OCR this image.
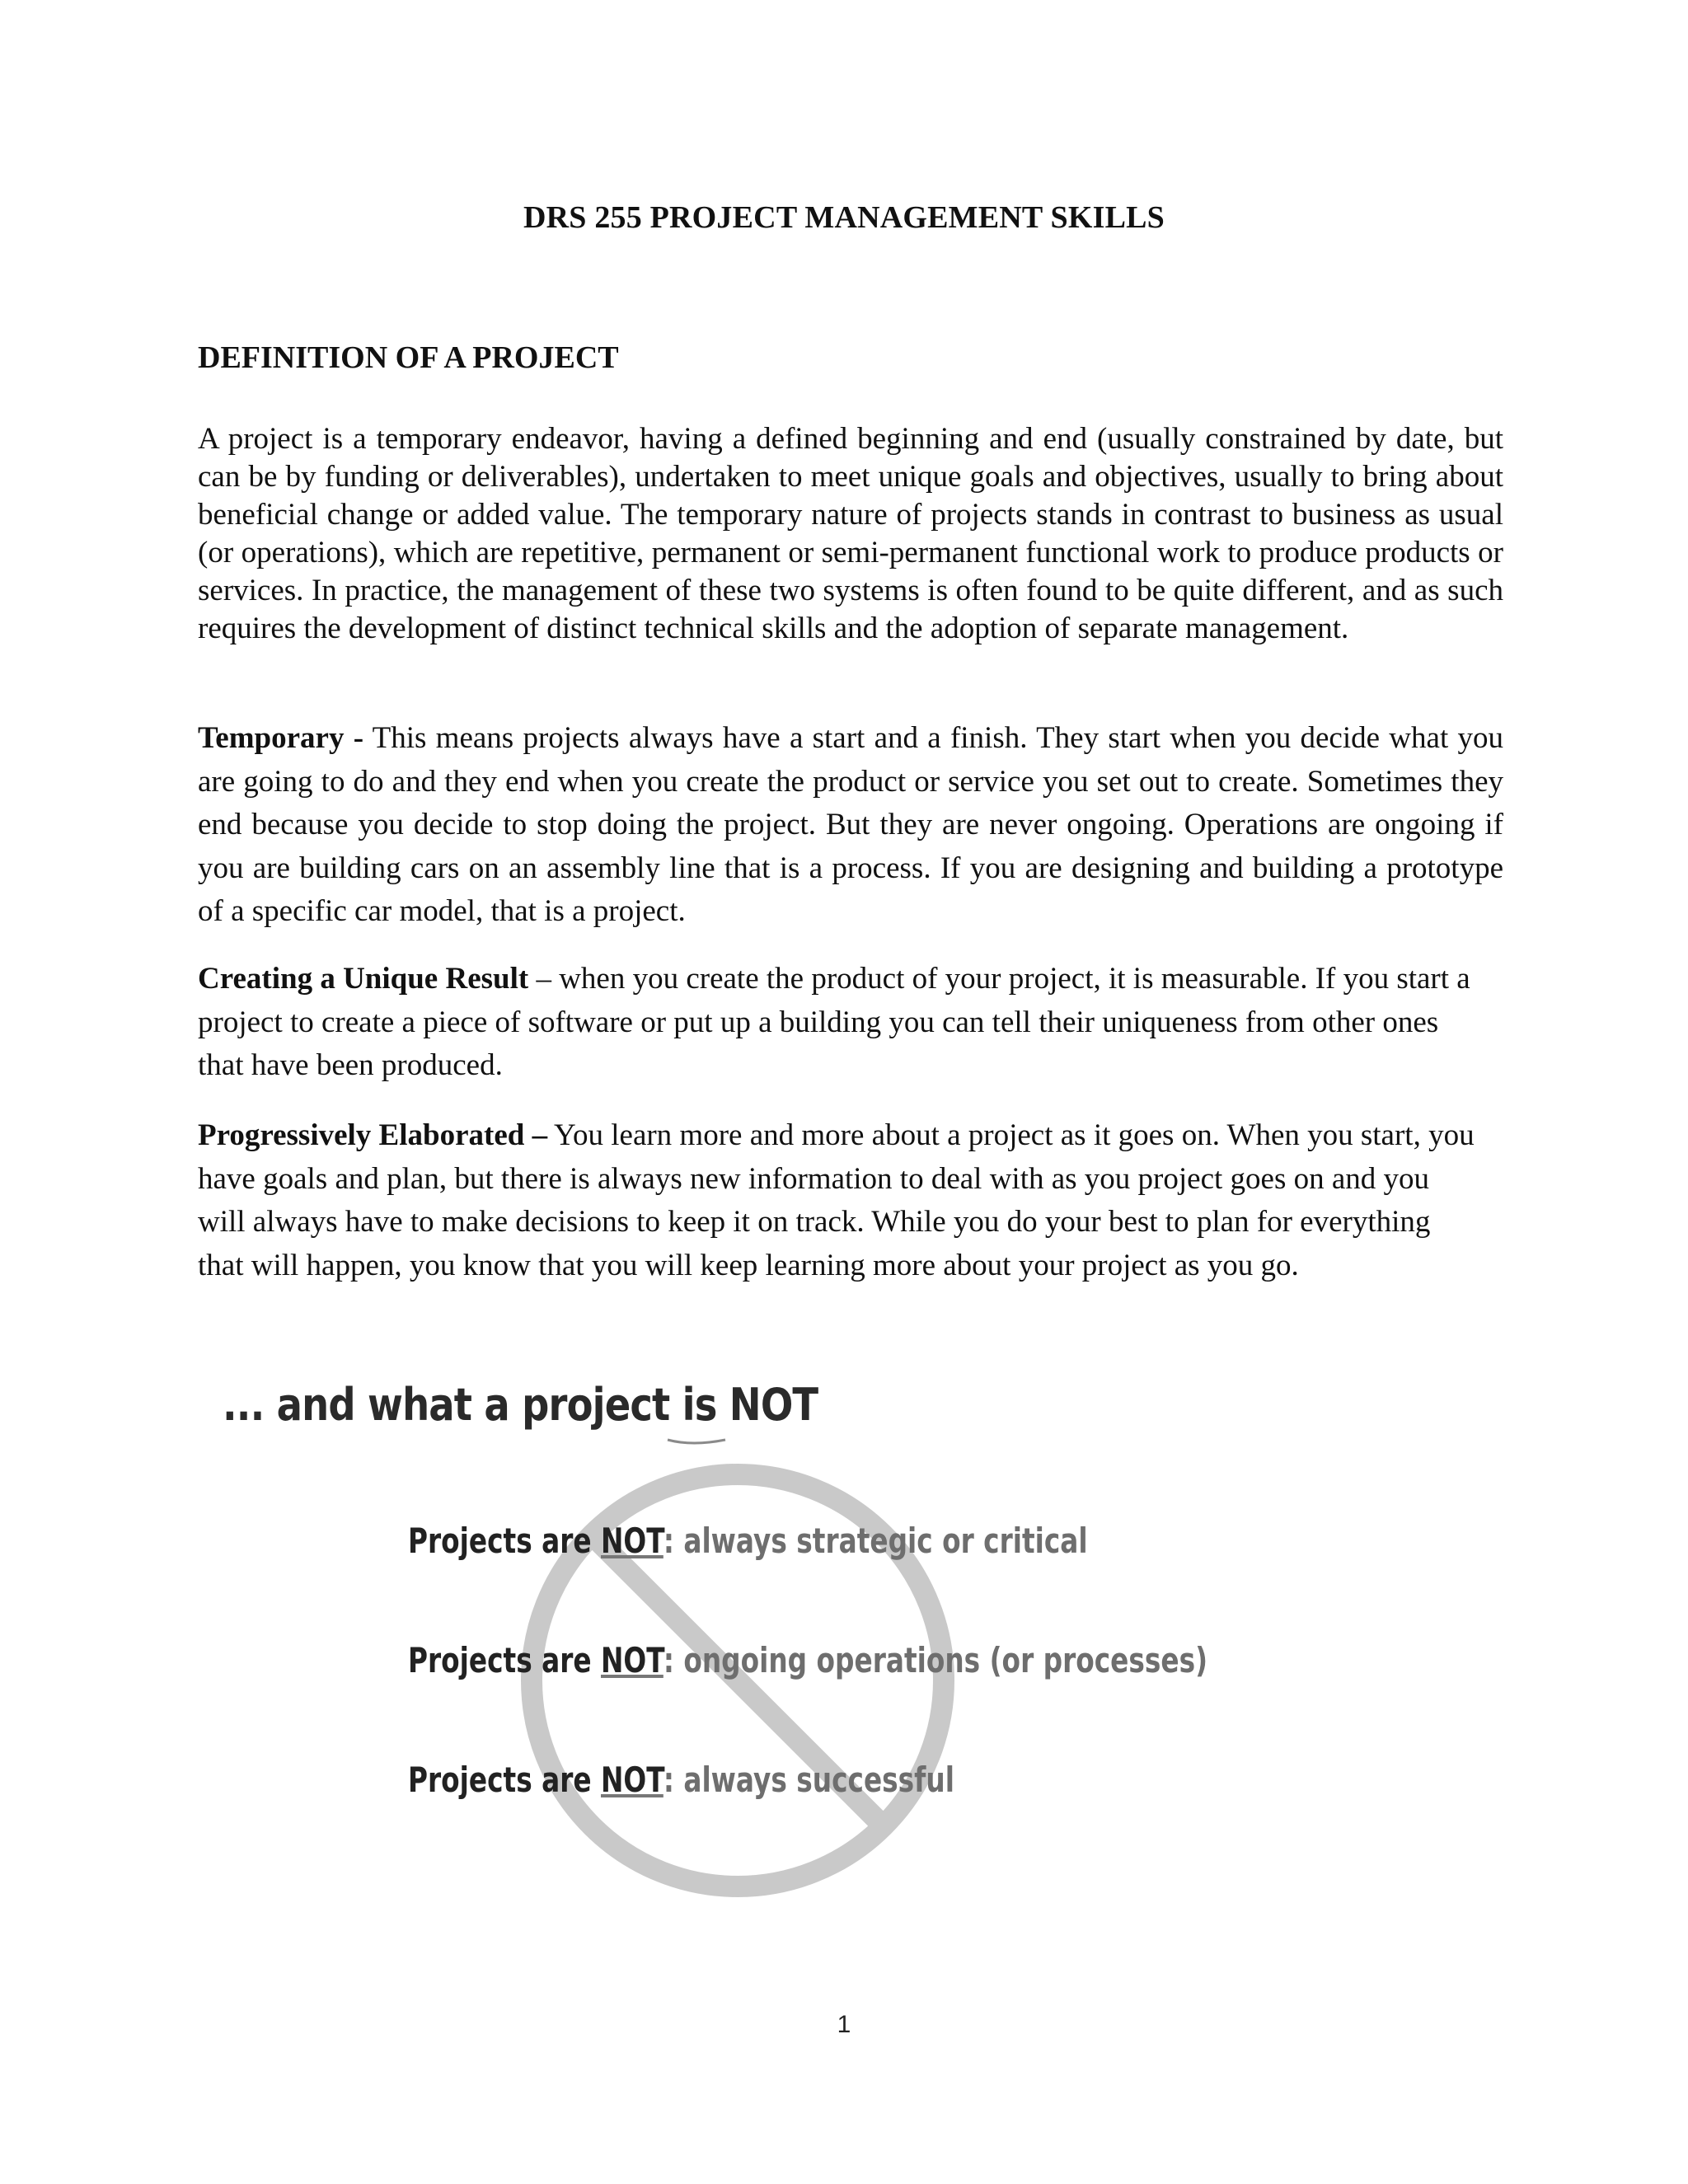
DRS 255 PROJECT MANAGEMENT SKILLS
DEFINITION OF A PROJECT

A project is a temporary endeavor, having a defined beginning and end (usually constrained by date, but can be by funding or deliverables), undertaken to meet unique goals and objectives, usually to bring about beneficial change or added value. The temporary nature of projects stands in contrast to business as usual (or operations), which are repetitive, permanent or semi-permanent functional work to produce products or services. In practice, the management of these two systems is often found to be quite different, and as such requires the development of distinct technical skills and the adoption of separate management.

Temporary - This means projects always have a start and a finish. They start when you decide what you are going to do and they end when you create the product or service you set out to create. Sometimes they end because you decide to stop doing the project. But they are never ongoing. Operations are ongoing if you are building cars on an assembly line that is a process. If you are designing and building a prototype of a specific car model, that is a project.

Creating a Unique Result – when you create the product of your project, it is measurable. If you start a project to create a piece of software or put up a building you can tell their uniqueness from other ones that have been produced.

Progressively Elaborated – You learn more and more about a project as it goes on. When you start, you have goals and plan, but there is always new information to deal with as you project goes on and you will always have to make decisions to keep it on track. While you do your best to plan for everything that will happen, you know that you will keep learning more about your project as you go.

... and what a project is NOT
Projects are NOT: always strategic or critical
Projects are NOT: ongoing operations (or processes)
Projects are NOT: always successful
1
